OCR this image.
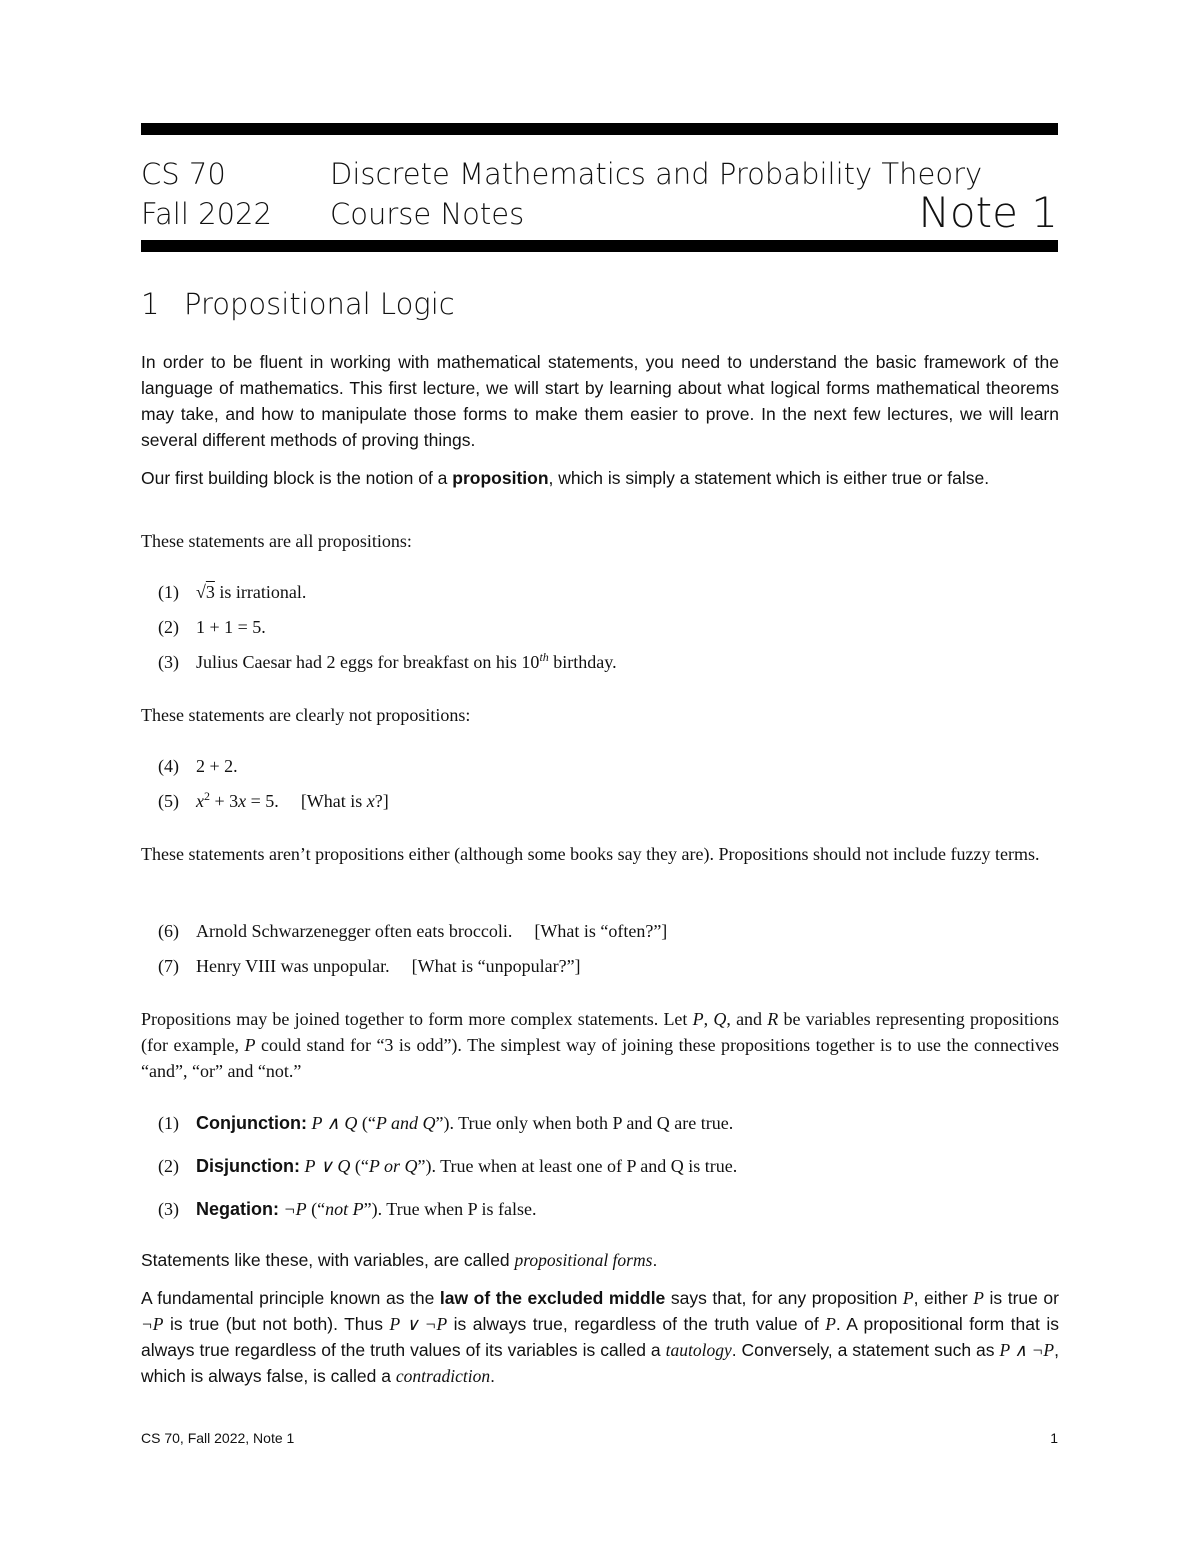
CS 70
Fall 2022
Discrete Mathematics and Probability Theory
Course Notes	Note 1
1 Propositional Logic

In order to be fluent in working with mathematical statements, you need to understand the basic framework of the language of mathematics. This first lecture, we will start by learning about what logical forms mathematical theorems may take, and how to manipulate those forms to make them easier to prove. In the next few lectures, we will learn several different methods of proving things.

Our first building block is the notion of a proposition, which is simply a statement which is either true or false.

These statements are all propositions:

(1) √3 is irrational.
(2) 1 + 1 = 5.
(3) Julius Caesar had 2 eggs for breakfast on his 10th birthday.

These statements are clearly not propositions:

(4) 2 + 2.
(5) $x^2 + 3x = 5$. [What is x?]

These statements aren’t propositions either (although some books say they are). Propositions should not include fuzzy terms.

(6) Arnold Schwarzenegger often eats broccoli. [What is “often?”]
(7) Henry VIII was unpopular. [What is “unpopular?”]

Propositions may be joined together to form more complex statements. Let P, Q, and R be variables representing propositions (for example, P could stand for “3 is odd”). The simplest way of joining these propositions together is to use the connectives “and”, “or” and “not.”

(1) Conjunction: P ∧ Q (“P and Q”). True only when both P and Q are true.
(2) Disjunction: P ∨ Q (“P or Q”). True when at least one of P and Q is true.
(3) Negation: ¬P (“not P”). True when P is false.

Statements like these, with variables, are called propositional forms.

A fundamental principle known as the law of the excluded middle says that, for any proposition P, either P is true or ¬P is true (but not both). Thus P ∨ ¬P is always true, regardless of the truth value of P. A propositional form that is always true regardless of the truth values of its variables is called a tautology. Conversely, a statement such as P ∧ ¬P, which is always false, is called a contradiction.

CS 70, Fall 2022, Note 1	1
